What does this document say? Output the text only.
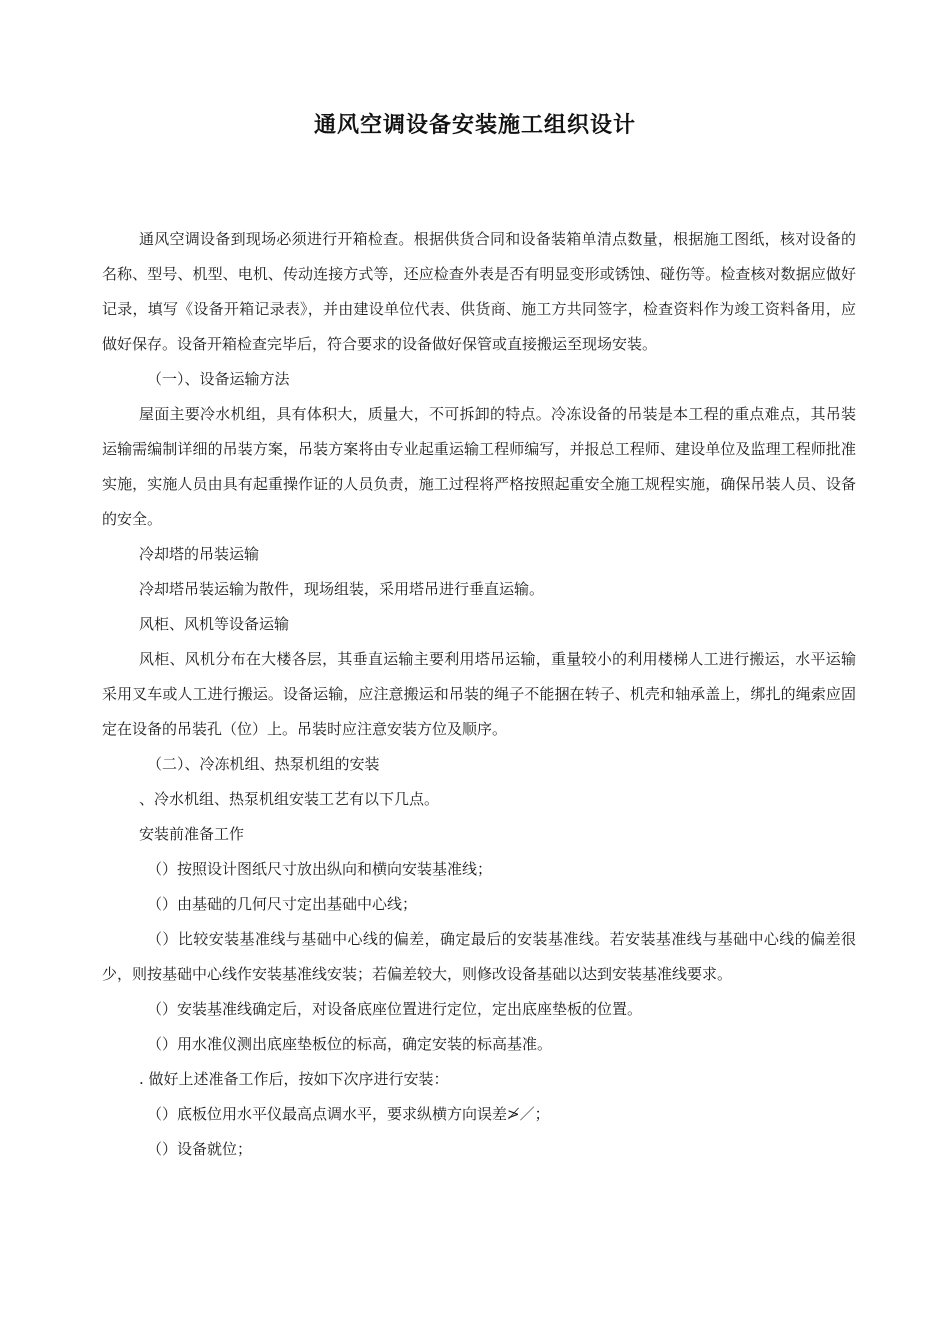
通风空调设备安装施工组织设计

通风空调设备到现场必须进行开箱检查。根据供货合同和设备装箱单清点数量，根据施工图纸，核对设备的名称、型号、机型、电机、传动连接方式等，还应检查外表是否有明显变形或锈蚀、碰伤等。检查核对数据应做好记录，填写《设备开箱记录表》，并由建设单位代表、供货商、施工方共同签字，检查资料作为竣工资料备用，应做好保存。设备开箱检查完毕后，符合要求的设备做好保管或直接搬运至现场安装。

（一）、设备运输方法

屋面主要冷水机组，具有体积大，质量大，不可拆卸的特点。冷冻设备的吊装是本工程的重点难点，其吊装运输需编制详细的吊装方案，吊装方案将由专业起重运输工程师编写，并报总工程师、建设单位及监理工程师批准实施，实施人员由具有起重操作证的人员负责，施工过程将严格按照起重安全施工规程实施，确保吊装人员、设备的安全。

冷却塔的吊装运输

冷却塔吊装运输为散件，现场组装，采用塔吊进行垂直运输。

风柜、风机等设备运输

风柜、风机分布在大楼各层，其垂直运输主要利用塔吊运输，重量较小的利用楼梯人工进行搬运，水平运输采用叉车或人工进行搬运。设备运输，应注意搬运和吊装的绳子不能捆在转子、机壳和轴承盖上，绑扎的绳索应固定在设备的吊装孔（位）上。吊装时应注意安装方位及顺序。

（二）、冷冻机组、热泵机组的安装

、冷水机组、热泵机组安装工艺有以下几点。

安装前准备工作

（）按照设计图纸尺寸放出纵向和横向安装基准线；

（）由基础的几何尺寸定出基础中心线；

（）比较安装基准线与基础中心线的偏差，确定最后的安装基准线。若安装基准线与基础中心线的偏差很少，则按基础中心线作安装基准线安装；若偏差较大，则修改设备基础以达到安装基准线要求。

（）安装基准线确定后，对设备底座位置进行定位，定出底座垫板的位置。

（）用水准仪测出底座垫板位的标高，确定安装的标高基准。

. 做好上述准备工作后，按如下次序进行安装：

（）底板位用水平仪最高点调水平，要求纵横方向误差≯／；

（）设备就位；
